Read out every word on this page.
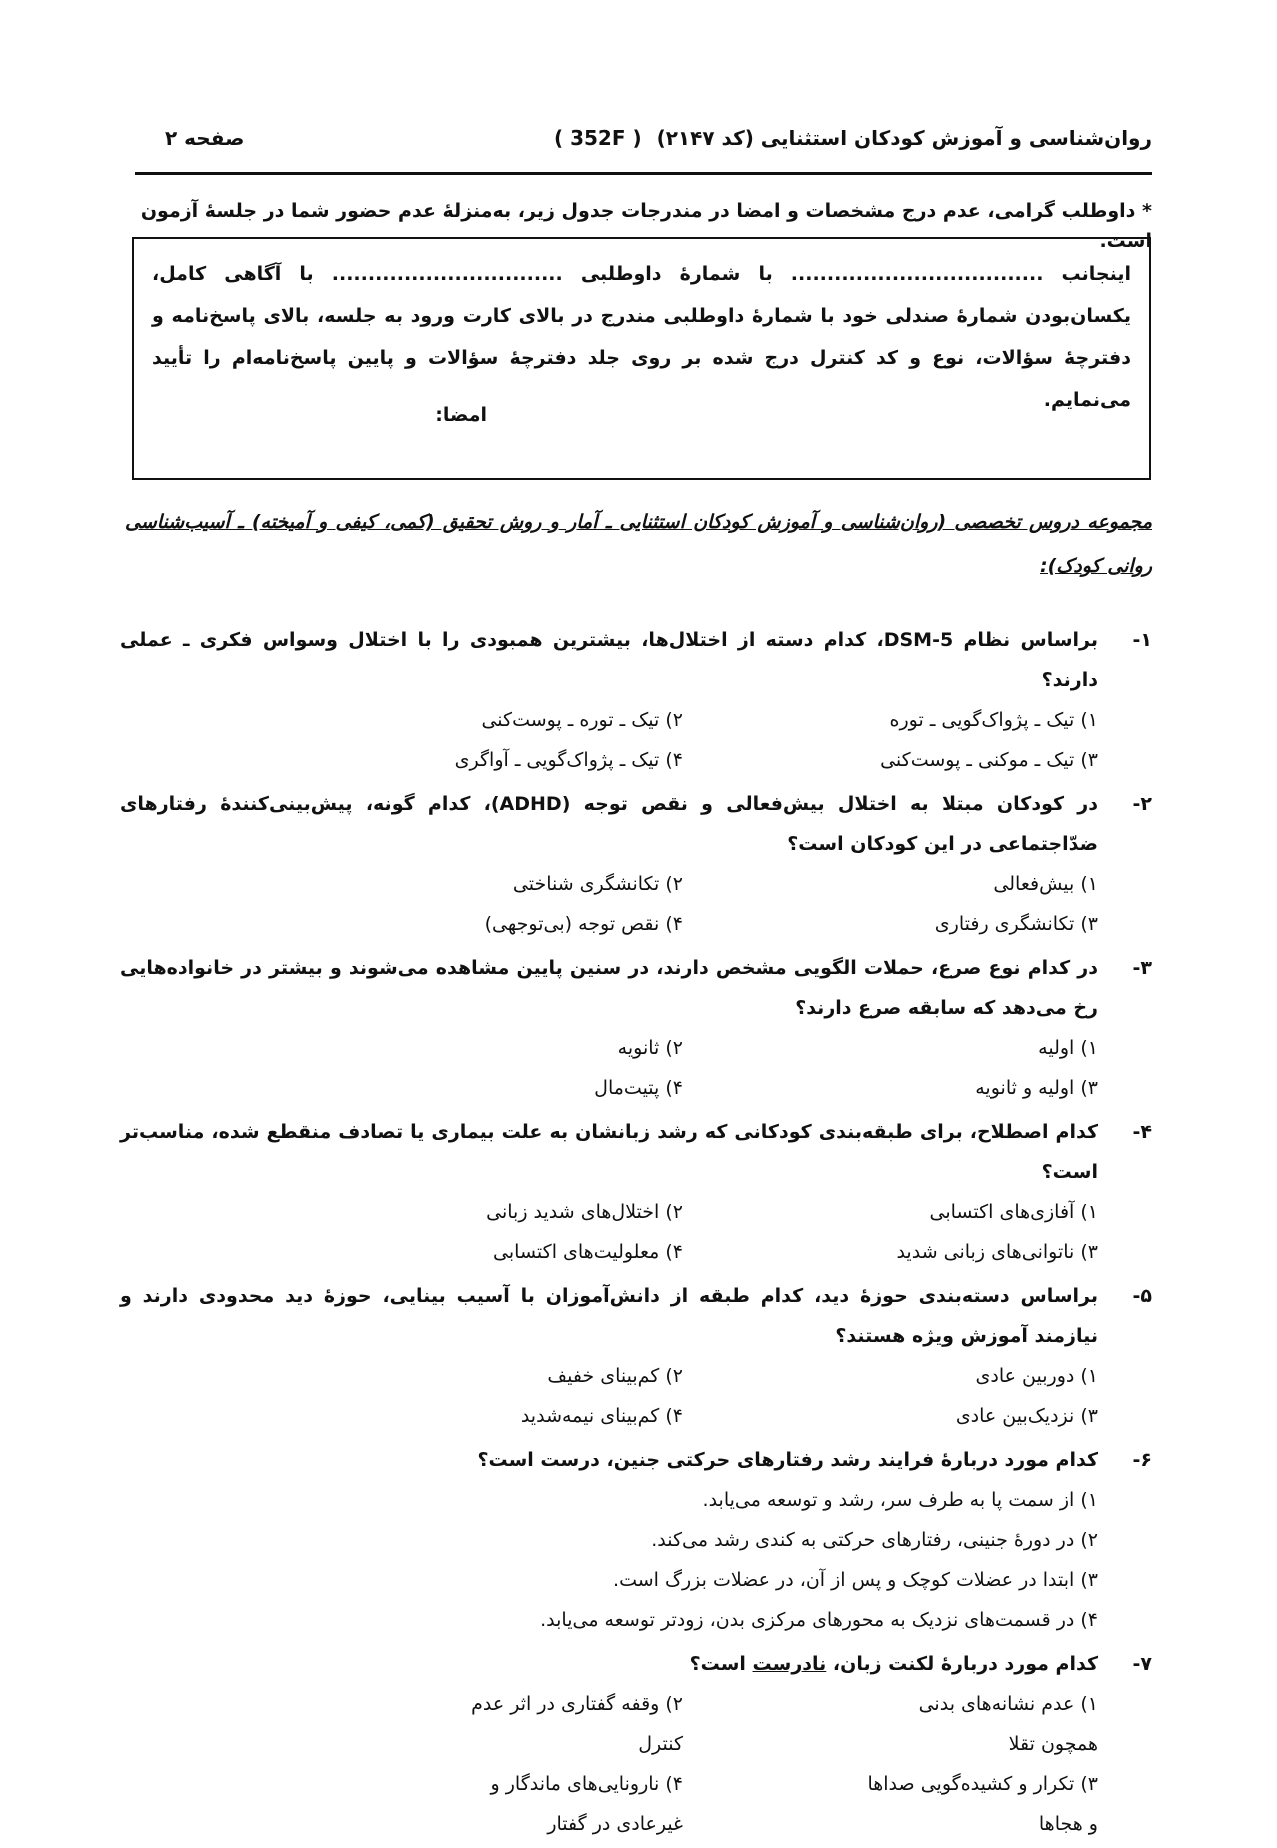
روان‌شناسی و آموزش کودکان استثنایی (کد ۲۱۴۷) ( 352F )
صفحه ۲
* داوطلب گرامی، عدم درج مشخصات و امضا در مندرجات جدول زیر، به‌منزلهٔ عدم حضور شما در جلسهٔ آزمون است.
اینجانب ................................... با شمارهٔ داوطلبی ................................ با آگاهی کامل، یکسان‌بودن شمارهٔ صندلی خود با شمارهٔ داوطلبی مندرج در بالای کارت ورود به جلسه، بالای پاسخ‌نامه و دفترچهٔ سؤالات، نوع و کد کنترل درج شده بر روی جلد دفترچهٔ سؤالات و پایین پاسخ‌نامه‌ام را تأیید می‌نمایم.
امضا:
مجموعه دروس تخصصی (روان‌شناسی و آموزش کودکان استثنایی ـ آمار و روش تحقیق (کمی، کیفی و آمیخته) ـ آسیب‌شناسی روانی کودک):
۱-
براساس نظام DSM-5، کدام دسته از اختلال‌ها، بیشترین همبودی را با اختلال وسواس فکری ـ عملی دارند؟
۱) تیک ـ پژواک‌گویی ـ توره
۲) تیک ـ توره ـ پوست‌کنی
۳) تیک ـ موکنی ـ پوست‌کنی
۴) تیک ـ پژواک‌گویی ـ آواگری
۲-
در کودکان مبتلا به اختلال بیش‌فعالی و نقص توجه (ADHD)، کدام گونه، پیش‌بینی‌کنندهٔ رفتارهای ضدّاجتماعی در این کودکان است؟
۱) بیش‌فعالی
۲) تکانشگری شناختی
۳) تکانشگری رفتاری
۴) نقص توجه (بی‌توجهی)
۳-
در کدام نوع صرع، حملات الگویی مشخص دارند، در سنین پایین مشاهده می‌شوند و بیشتر در خانواده‌هایی رخ می‌دهد که سابقه صرع دارند؟
۱) اولیه
۲) ثانویه
۳) اولیه و ثانویه
۴) پتیت‌مال
۴-
کدام اصطلاح، برای طبقه‌بندی کودکانی که رشد زبانشان به علت بیماری یا تصادف منقطع شده، مناسب‌تر است؟
۱) آفازی‌های اکتسابی
۲) اختلال‌های شدید زبانی
۳) ناتوانی‌های زبانی شدید
۴) معلولیت‌های اکتسابی
۵-
براساس دسته‌بندی حوزهٔ دید، کدام طبقه از دانش‌آموزان با آسیب بینایی، حوزهٔ دید محدودی دارند و نیازمند آموزش ویژه هستند؟
۱) دوربین عادی
۲) کم‌بینای خفیف
۳) نزدیک‌بین عادی
۴) کم‌بینای نیمه‌شدید
۶-
کدام مورد دربارهٔ فرایند رشد رفتارهای حرکتی جنین، درست است؟
۱) از سمت پا به طرف سر، رشد و توسعه می‌یابد.
۲) در دورهٔ جنینی، رفتارهای حرکتی به کندی رشد می‌کند.
۳) ابتدا در عضلات کوچک و پس از آن، در عضلات بزرگ است.
۴) در قسمت‌های نزدیک به محورهای مرکزی بدن، زودتر توسعه می‌یابد.
۷-
کدام مورد دربارهٔ لکنت زبان، نادرست است؟
۱) عدم نشانه‌های بدنی همچون تقلا
۲) وقفه گفتاری در اثر عدم کنترل
۳) تکرار و کشیده‌گویی صداها و هجاها
۴) نارونایی‌های ماندگار و غیرعادی در گفتار
